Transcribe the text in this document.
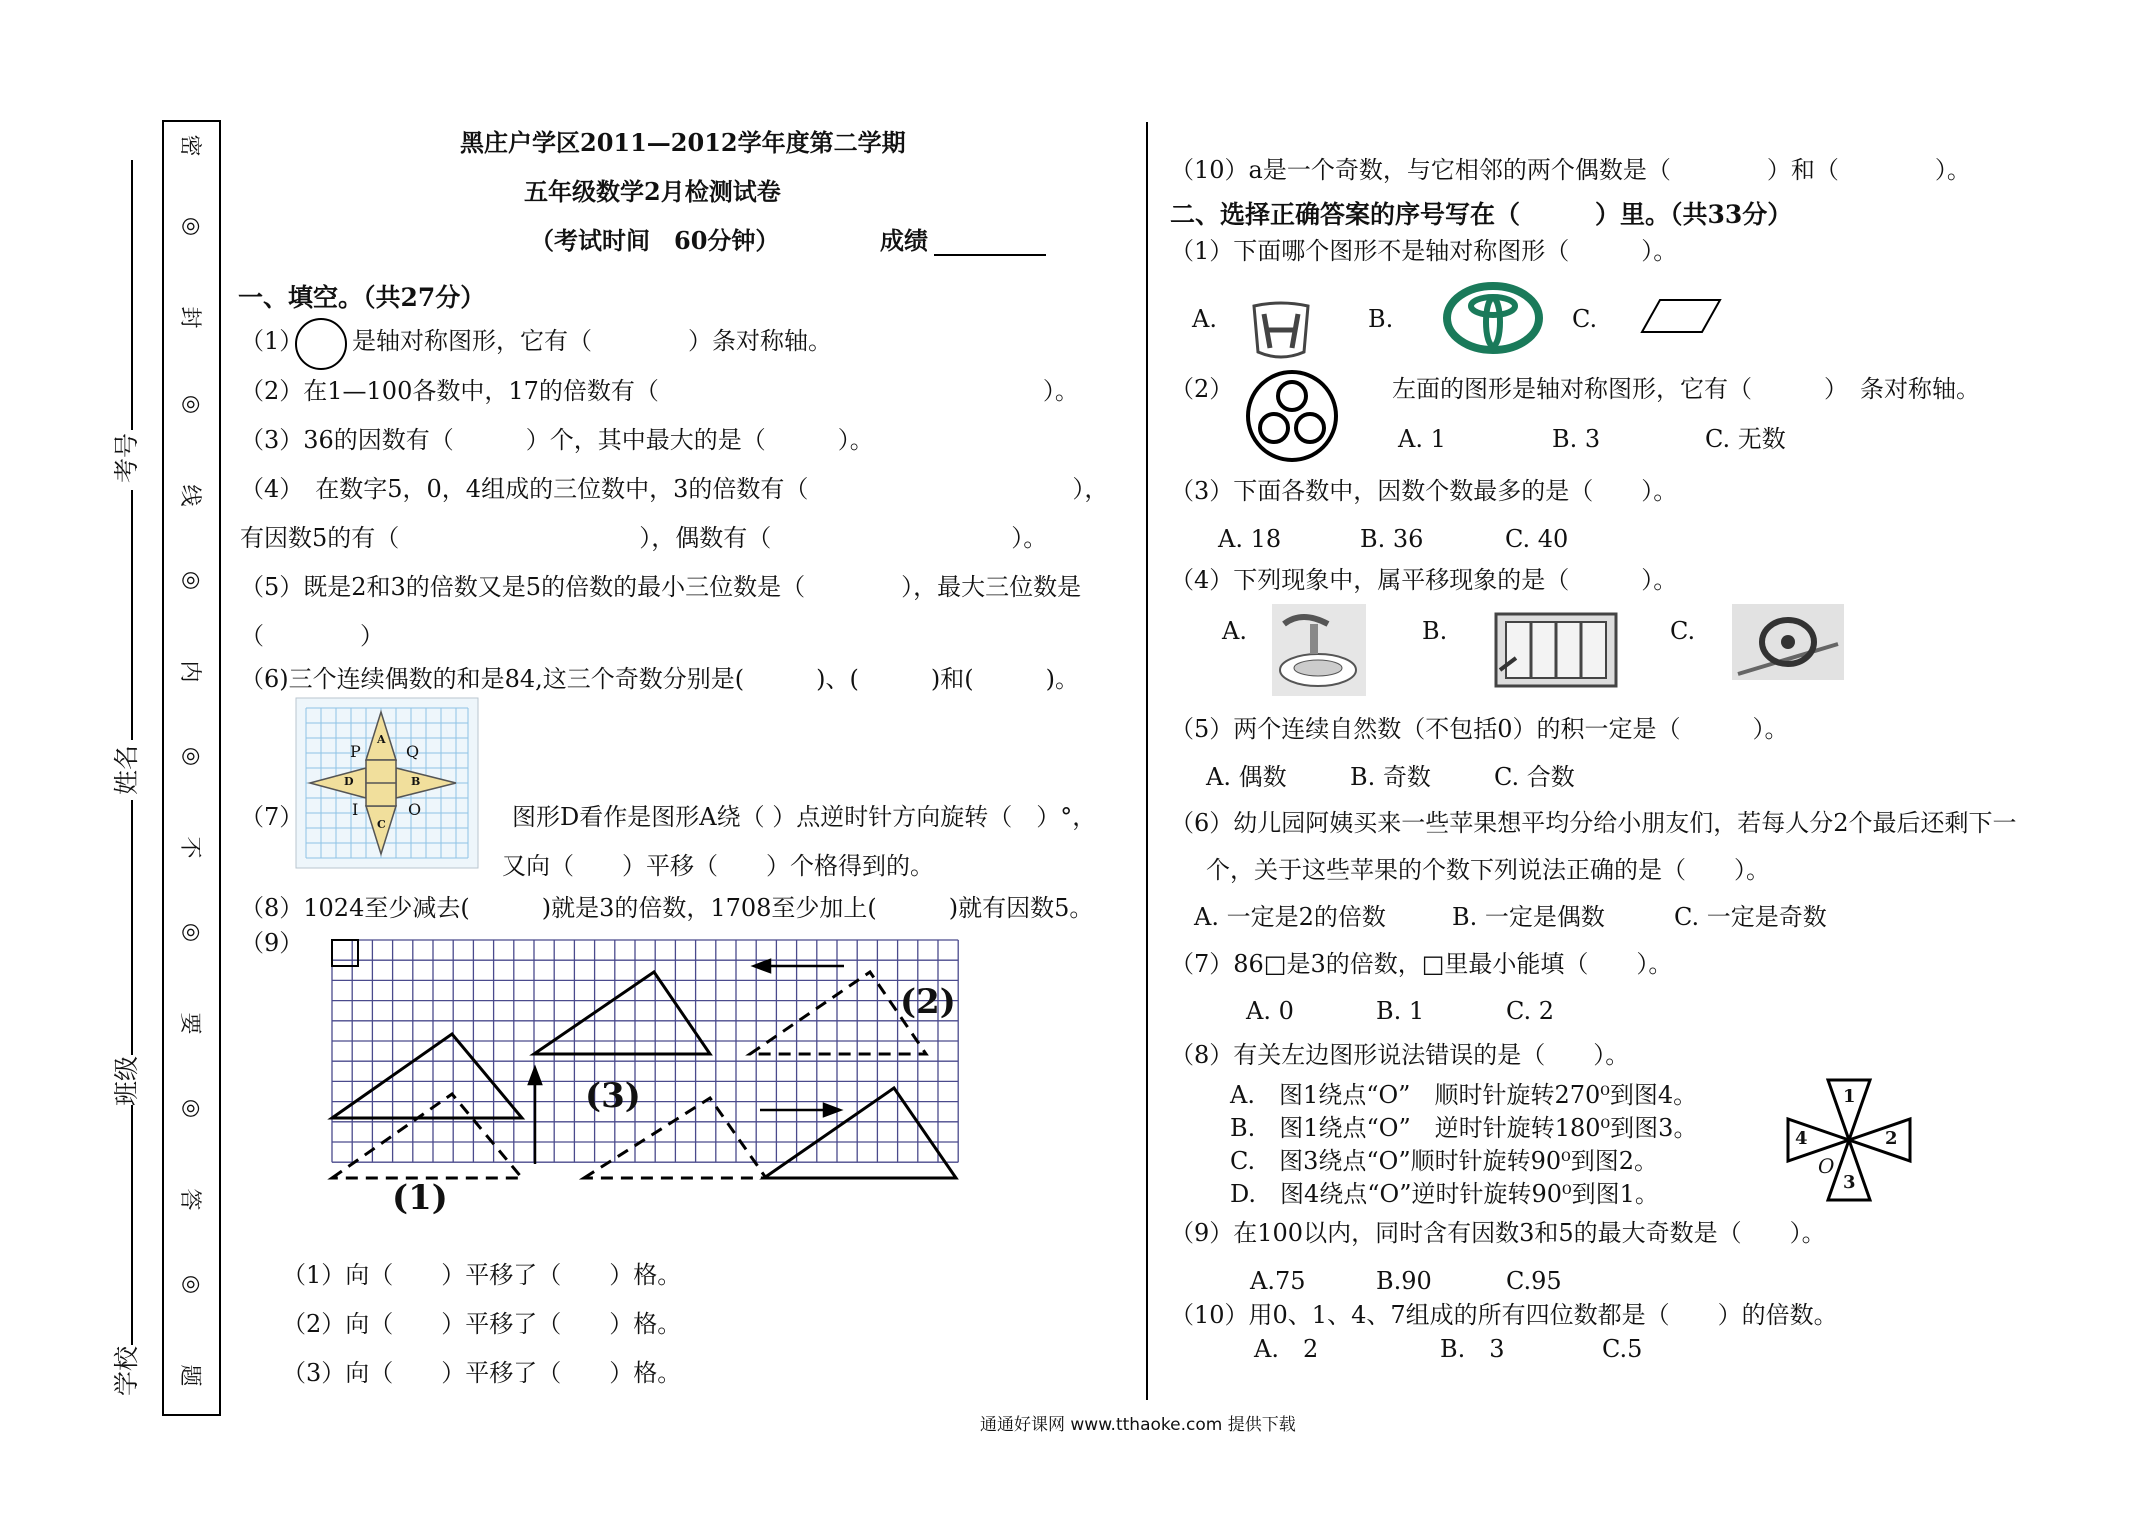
考号
姓名
班级
学校
密
◎
封
◎
线
◎
内
◎
不
◎
要
◎
答
◎
题
黑庄户学区2011—2012学年度第二学期
五年级数学2月检测试卷
（考试时间　60分钟）	成绩
一、填空。（共27分）
（1） 是轴对称图形，它有（　　　　）条对称轴。
（2）在1—100各数中，17的倍数有（　　　　　　　　　　　　　　　　）。
（3）36的因数有（　　　）个，其中最大的是（　　　）。
（4）　在数字5，0，4组成的三位数中，3的倍数有（　　　　　　　　　　　），
有因数5的有（　　　　　　　　　　），偶数有（　　　　　　　　　　）。
（5）既是2和3的倍数又是5的倍数的最小三位数是（　　　　），最大三位数是
（　　　　）
（6)三个连续偶数的和是84,这三个奇数分别是(　　　)、(　　　)和(　　　)。
A
P	Q
D	B
I	O
C
（7）	图形D看作是图形A绕（ ）点逆时针方向旋转（　）°，
又向（　　）平移（　　）个格得到的。
（8）1024至少减去(　　　)就是3的倍数，1708至少加上(　　　)就有因数5。
（9）
(1)
(2)
(3)
（1）向（　　）平移了（　　）格。
（2）向（　　）平移了（　　）格。
（3）向（　　）平移了（　　）格。
（10）a是一个奇数，与它相邻的两个偶数是（　　　　）和（　　　　）。
二、选择正确答案的序号写在（　　　）里。（共33分）
（1）下面哪个图形不是轴对称图形（　　　）。
A.	B.	C.
（2）	左面的图形是轴对称图形，它有（　　　）　条对称轴。
A. 1	B. 3	C. 无数
（3）下面各数中，因数个数最多的是（　　）。
A. 18	B. 36	C. 40
（4）下列现象中，属平移现象的是（　　　）。
A.	B.	C.
（5）两个连续自然数（不包括0）的积一定是（　　　）。
A. 偶数	B. 奇数	C. 合数
（6）幼儿园阿姨买来一些苹果想平均分给小朋友们，若每人分2个最后还剩下一
个，关于这些苹果的个数下列说法正确的是（　　）。
A. 一定是2的倍数	B. 一定是偶数	C. 一定是奇数
（7）86□是3的倍数，□里最小能填（　　）。
A. 0	B. 1	C. 2
（8）有关左边图形说法错误的是（　　）。
A.　图1绕点“O”　顺时针旋转270⁰到图4。
B.　图1绕点“O”　逆时针旋转180⁰到图3。
C.　图3绕点“O”顺时针旋转90⁰到图2。
D.　图4绕点“O”逆时针旋转90⁰到图1。
1
2
3
4
O
（9）在100以内，同时含有因数3和5的最大奇数是（　　）。
A.75	B.90	C.95
（10）用0、1、4、7组成的所有四位数都是（　　）的倍数。
A.　2	B.　3	C.5
通通好课网 www.tthaoke.com 提供下载
